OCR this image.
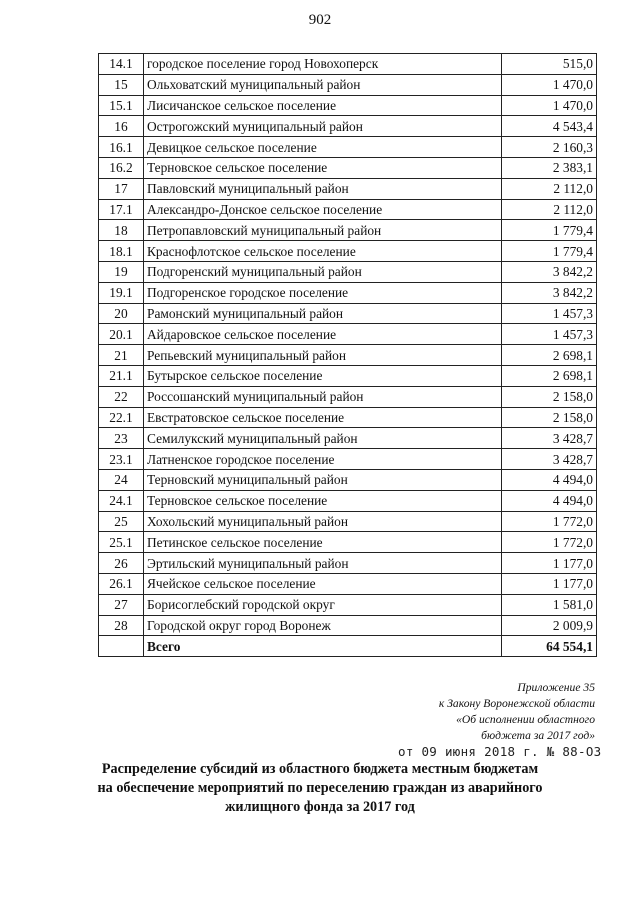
902
14.1	городское поселение город Новохоперск	515,0
15	Ольховатский муниципальный район	1 470,0
15.1	Лисичанское сельское поселение	1 470,0
16	Острогожский муниципальный район	4 543,4
16.1	Девицкое сельское поселение	2 160,3
16.2	Терновское сельское поселение	2 383,1
17	Павловский муниципальный район	2 112,0
17.1	Александро-Донское сельское поселение	2 112,0
18	Петропавловский муниципальный район	1 779,4
18.1	Краснофлотское сельское поселение	1 779,4
19	Подгоренский муниципальный район	3 842,2
19.1	Подгоренское городское поселение	3 842,2
20	Рамонский муниципальный район	1 457,3
20.1	Айдаровское сельское поселение	1 457,3
21	Репьевский муниципальный район	2 698,1
21.1	Бутырское сельское поселение	2 698,1
22	Россошанский муниципальный район	2 158,0
22.1	Евстратовское сельское поселение	2 158,0
23	Семилукский муниципальный район	3 428,7
23.1	Латненское городское поселение	3 428,7
24	Терновский муниципальный район	4 494,0
24.1	Терновское сельское поселение	4 494,0
25	Хохольский муниципальный район	1 772,0
25.1	Петинское сельское поселение	1 772,0
26	Эртильский муниципальный район	1 177,0
26.1	Ячейское сельское поселение	1 177,0
27	Борисоглебский городской округ	1 581,0
28	Городской округ город Воронеж	2 009,9
	Всего	64 554,1
Приложение 35
к Закону Воронежской области
«Об исполнении областного
бюджета за 2017 год»
от 09 июня 2018 г. № 88-ОЗ
Распределение субсидий из областного бюджета местным бюджетам
на обеспечение мероприятий по переселению граждан из аварийного
жилищного фонда за 2017 год
